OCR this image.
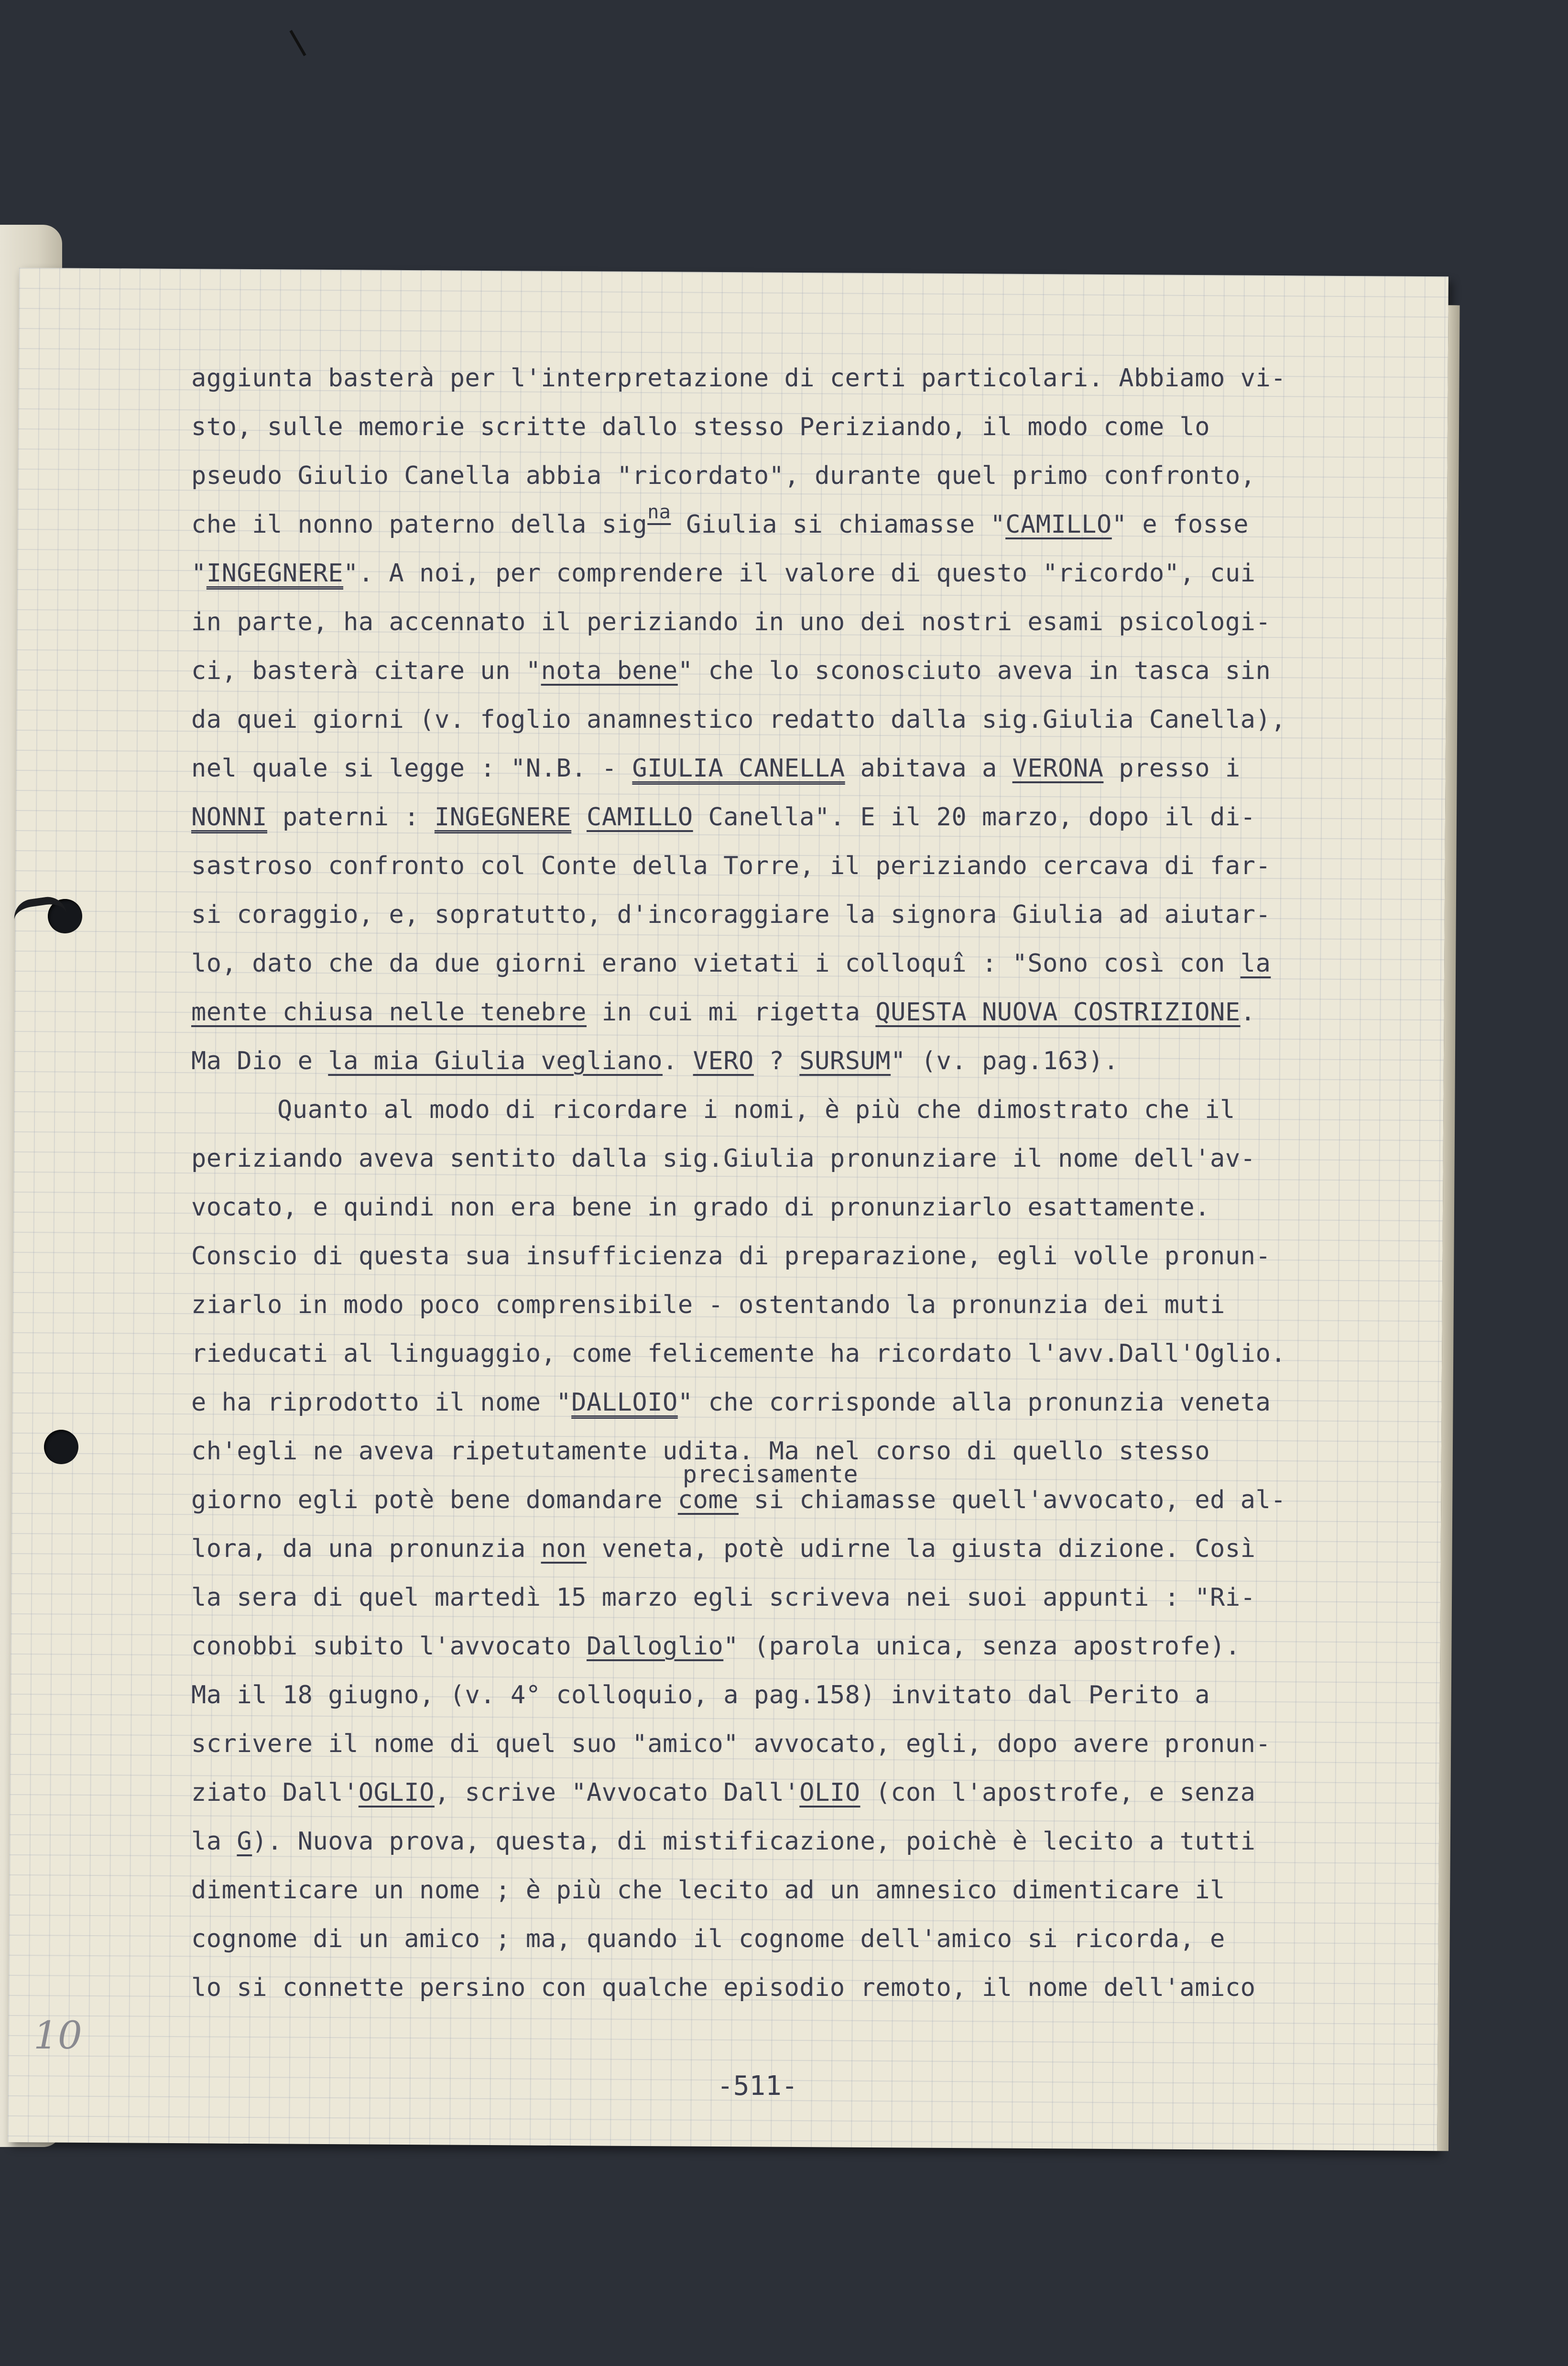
10
aggiunta basterà per l'interpretazione di certi particolari. Abbiamo vi-
sto, sulle memorie scritte dallo stesso Periziando, il modo come lo
pseudo Giulio Canella abbia "ricordato", durante quel primo confronto,
che il nonno paterno della sig$^{na}$ Giulia si chiamasse "CAMILLO" e fosse
"INGEGNERE". A noi, per comprendere il valore di questo "ricordo", cui
in parte, ha accennato il periziando in uno dei nostri esami psicologi-
ci, basterà citare un "nota bene" che lo sconosciuto aveva in tasca sin
da quei giorni (v. foglio anamnestico redatto dalla sig.Giulia Canella),
nel quale si legge : "N.B. - GIULIA CANELLA abitava a VERONA presso i
NONNI paterni : INGEGNERE CAMILLO Canella". E il 20 marzo, dopo il di-
sastroso confronto col Conte della Torre, il periziando cercava di far-
si coraggio, e, sopratutto, d'incoraggiare la signora Giulia ad aiutar-
lo, dato che da due giorni erano vietati i colloquî : "Sono così con la
mente chiusa nelle tenebre in cui mi rigetta QUESTA NUOVA COSTRIZIONE.
Ma Dio e la mia Giulia vegliano. VERO ? SURSUM" (v. pag.163).
Quanto al modo di ricordare i nomi, è più che dimostrato che il
periziando aveva sentito dalla sig.Giulia pronunziare il nome dell'av-
vocato, e quindi non era bene in grado di pronunziarlo esattamente.
Conscio di questa sua insufficienza di preparazione, egli volle pronun-
ziarlo in modo poco comprensibile - ostentando la pronunzia dei muti
rieducati al linguaggio, come felicemente ha ricordato l'avv.Dall'Oglio.
e ha riprodotto il nome "DALLOIO" che corrisponde alla pronunzia veneta
ch'egli ne aveva ripetutamente udita. Ma nel corso di quello stesso
giorno egli potè bene domandare
precisamente
come si chiamasse quell'avvocato, ed al-
lora, da una pronunzia non veneta, potè udirne la giusta dizione. Così
la sera di quel martedì 15 marzo egli scriveva nei suoi appunti : "Ri-
conobbi subito l'avvocato Dalloglio" (parola unica, senza apostrofe).
Ma il 18 giugno, (v. 4° colloquio, a pag.158) invitato dal Perito a
scrivere il nome di quel suo "amico" avvocato, egli, dopo avere pronun-
ziato Dall'OGLIO, scrive "Avvocato Dall'OLIO (con l'apostrofe, e senza
la G). Nuova prova, questa, di mistificazione, poichè è lecito a tutti
dimenticare un nome ; è più che lecito ad un amnesico dimenticare il
cognome di un amico ; ma, quando il cognome dell'amico si ricorda, e
lo si connette persino con qualche episodio remoto, il nome dell'amico
-511-
